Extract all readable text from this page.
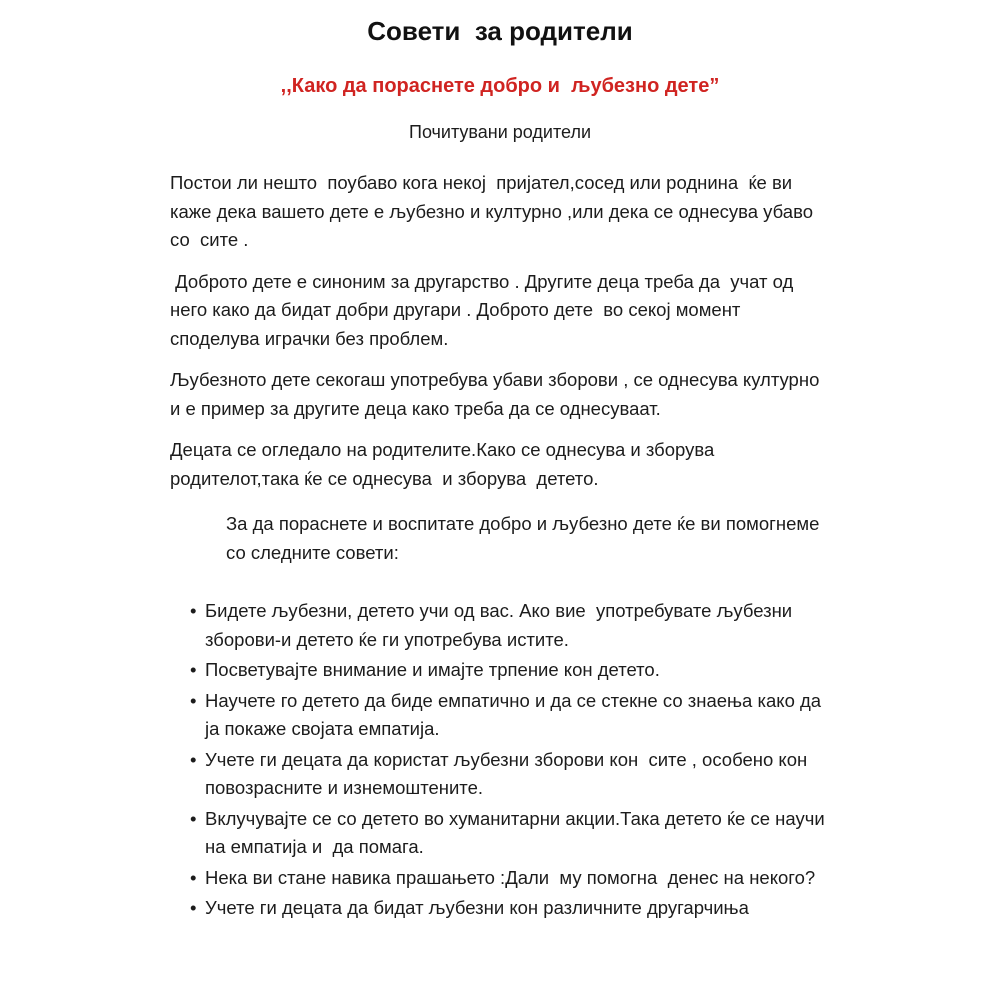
Совети  за родители
,,Како да пораснете добро и  љубезно дете”

Почитувани родители

Постои ли нешто  поубаво кога некој  пријател,сосед или роднина  ќе ви каже дека вашето дете е љубезно и културно ,или дека се однесува убаво со  сите .

Доброто дете е синоним за другарство . Другите деца треба да  учат од него како да бидат добри другари . Доброто дете  во секој момент споделува играчки без проблем.

Љубезното дете секогаш употребува убави зборови , се однесува културно  и е пример за другите деца како треба да се однесуваат.

Децата се огледало на родителите.Како се однесува и зборува родителот,така ќе се однесува  и зборува  детето.

За да пораснете и воспитате добро и љубезно дете ќе ви помогнеме со следните совети:

• Бидете љубезни, детето учи од вас. Ако вие  употребувате љубезни зборови-и детето ќе ги употребува истите.
• Посветувајте внимание и имајте трпение кон детето.
• Научете го детето да биде емпатично и да се стекне со знаења како да ја покаже својата емпатија.
• Учете ги децата да користат љубезни зборови кон  сите , особено кон повозрасните и изнемоштените.
• Вклучувајте се со детето во хуманитарни акции.Така детето ќе се научи на емпатија и  да помага.
• Нека ви стане навика прашањето :Дали  му помогна  денес на некого?
• Учете ги децата да бидат љубезни кон различните другарчиња
